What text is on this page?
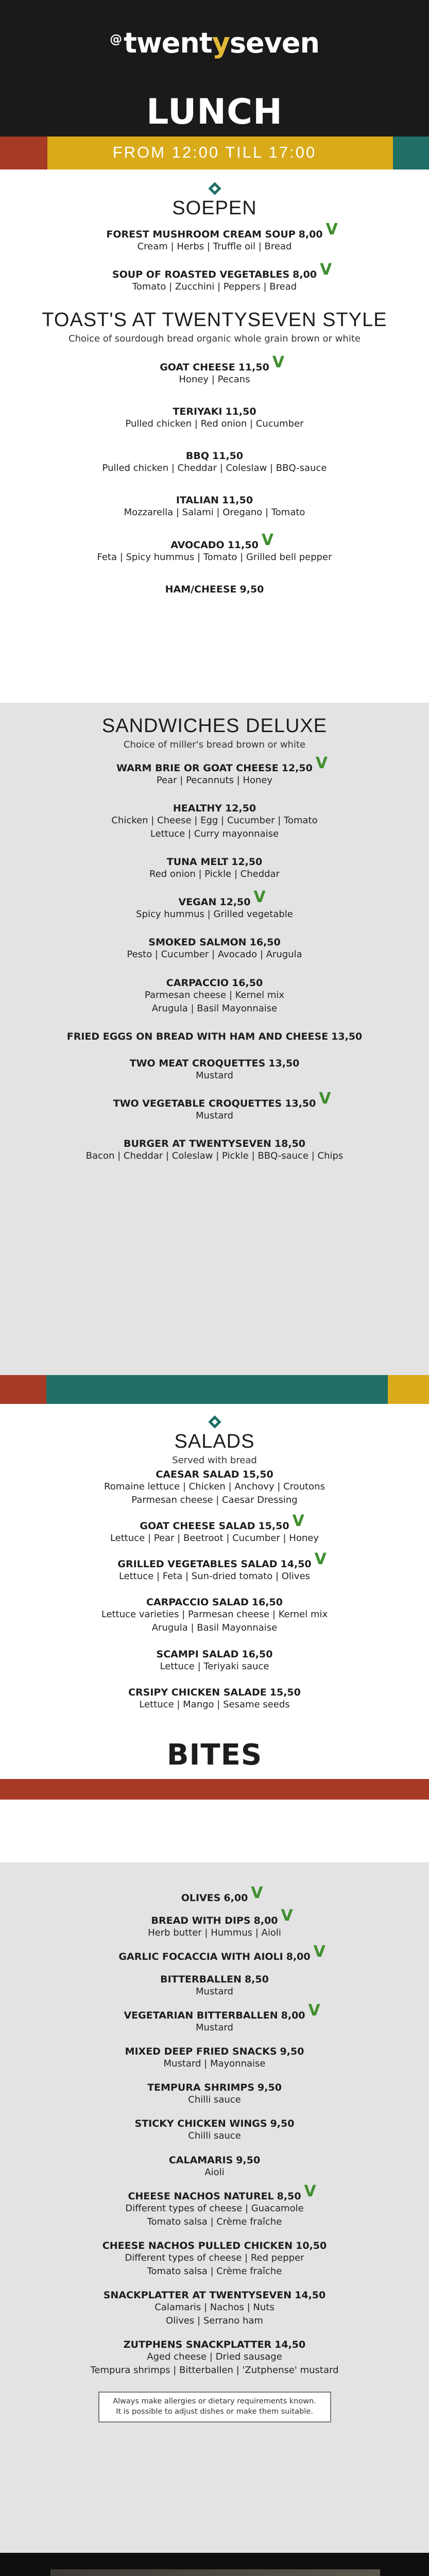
@twentyseven
LUNCH
FROM 12:00 TILL 17:00
SOEPEN
FOREST MUSHROOM CREAM SOUP 8,00 V
Cream | Herbs | Truffle oil | Bread
SOUP OF ROASTED VEGETABLES 8,00 V
Tomato | Zucchini | Peppers | Bread
TOAST'S AT TWENTYSEVEN STYLE
Choice of sourdough bread organic whole grain brown or white
GOAT CHEESE 11,50 V
Honey | Pecans
TERIYAKI 11,50
Pulled chicken | Red onion | Cucumber
BBQ 11,50
Pulled chicken | Cheddar | Coleslaw | BBQ-sauce
ITALIAN 11,50
Mozzarella | Salami | Oregano | Tomato
AVOCADO 11,50 V
Feta | Spicy hummus | Tomato | Grilled bell pepper
HAM/CHEESE 9,50
SANDWICHES DELUXE
Choice of miller's bread brown or white
WARM BRIE OR GOAT CHEESE 12,50 V
Pear | Pecannuts | Honey
HEALTHY 12,50
Chicken | Cheese | Egg | Cucumber | Tomato
Lettuce | Curry mayonnaise
TUNA MELT 12,50
Red onion | Pickle | Cheddar
VEGAN 12,50 V
Spicy hummus | Grilled vegetable
SMOKED SALMON 16,50
Pesto | Cucumber | Avocado | Arugula
CARPACCIO 16,50
Parmesan cheese | Kernel mix
Arugula | Basil Mayonnaise
FRIED EGGS ON BREAD WITH HAM AND CHEESE 13,50
TWO MEAT CROQUETTES 13,50
Mustard
TWO VEGETABLE CROQUETTES 13,50 V
Mustard
BURGER AT TWENTYSEVEN 18,50
Bacon | Cheddar | Coleslaw | Pickle | BBQ-sauce | Chips
SALADS
Served with bread
CAESAR SALAD 15,50
Romaine lettuce | Chicken | Anchovy | Croutons
Parmesan cheese | Caesar Dressing
GOAT CHEESE SALAD 15,50 V
Lettuce | Pear | Beetroot | Cucumber | Honey
GRILLED VEGETABLES SALAD 14,50 V
Lettuce | Feta | Sun-dried tomato | Olives
CARPACCIO SALAD 16,50
Lettuce varieties | Parmesan cheese | Kernel mix
Arugula | Basil Mayonnaise
SCAMPI SALAD 16,50
Lettuce | Teriyaki sauce
CRSIPY CHICKEN SALADE 15,50
Lettuce | Mango | Sesame seeds
BITES
OLIVES 6,00 V
BREAD WITH DIPS 8,00 V
Herb butter | Hummus | Aioli
GARLIC FOCACCIA WITH AIOLI 8,00 V
BITTERBALLEN 8,50
Mustard
VEGETARIAN BITTERBALLEN 8,00 V
Mustard
MIXED DEEP FRIED SNACKS 9,50
Mustard | Mayonnaise
TEMPURA SHRIMPS 9,50
Chilli sauce
STICKY CHICKEN WINGS 9,50
Chilli sauce
CALAMARIS 9,50
Aioli
CHEESE NACHOS NATUREL 8,50 V
Different types of cheese | Guacamole
Tomato salsa | Crème fraîche
CHEESE NACHOS PULLED CHICKEN 10,50
Different types of cheese | Red pepper
Tomato salsa | Crème fraîche
SNACKPLATTER AT TWENTYSEVEN 14,50
Calamaris | Nachos | Nuts
Olives | Serrano ham
ZUTPHENS SNACKPLATTER 14,50
Aged cheese | Dried sausage
Tempura shrimps | Bitterballen | 'Zutphense' mustard
Always make allergies or dietary requirements known.
It is possible to adjust dishes or make them suitable.
